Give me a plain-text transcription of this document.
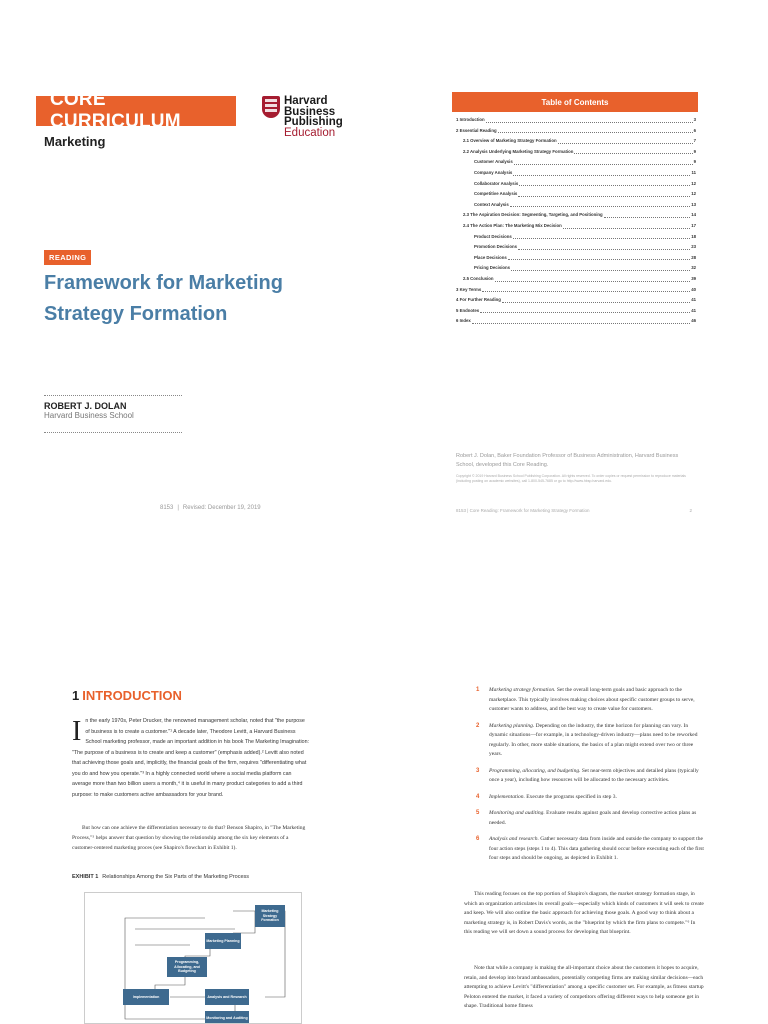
CORE CURRICULUM
Harvard
Business
Publishing
Education
Marketing
READING
Framework for Marketing Strategy Formation
ROBERT J. DOLAN
Harvard Business School
8153 | Revised: December 19, 2019
Table of Contents
1 Introduction	3
2 Essential Reading	6
2.1 Overview of Marketing Strategy Formation	7
2.2 Analysis Underlying Marketing Strategy Formation	9
Customer Analysis	9
Company Analysis	11
Collaborator Analysis	12
Competitive Analysis	12
Context Analysis	13
2.3 The Aspiration Decision: Segmenting, Targeting, and Positioning	14
2.4 The Action Plan: The Marketing Mix Decision	17
Product Decisions	18
Promotion Decisions	23
Place Decisions	28
Pricing Decisions	32
2.5 Conclusion	39
3 Key Terms	40
4 For Further Reading	41
5 Endnotes	41
6 Index	46
Robert J. Dolan, Baker Foundation Professor of Business Administration, Harvard Business School, developed this Core Reading.
Copyright © 2019 Harvard Business School Publishing Corporation. All rights reserved. To order copies or request permission to reproduce materials (including posting on academic websites), call 1-800-545-7685 or go to http://www.hbsp.harvard.edu.
8153 | Core Reading: Framework for Marketing Strategy Formation	2
1 INTRODUCTION
In the early 1970s, Peter Drucker, the renowned management scholar, noted that "the purpose of business is to create a customer."¹ A decade later, Theodore Levitt, a Harvard Business School marketing professor, made an important addition in his book The Marketing Imagination: "The purpose of a business is to create and keep a customer" (emphasis added).² Levitt also noted that achieving those goals and, implicitly, the financial goals of the firm, requires "differentiating what you do and how you operate."³ In a highly connected world where a social media platform can average more than two billion users a month,⁴ it is useful in many product categories to add a third purpose: to make customers active ambassadors for your brand.
But how can one achieve the differentiation necessary to do that? Benson Shapiro, in "The Marketing Process,"⁵ helps answer that question by showing the relationship among the six key elements of a customer-centered marketing proces (see Shapiro's flowchart in Exhibit 1).
EXHIBIT 1 Relationships Among the Six Parts of the Marketing Process
Marketing Strategy Formation
Marketing Planning
Programming, Allocating, and Budgeting
Implementation	Analysis and Research
Monitoring and Auditing
1	Marketing strategy formation. Set the overall long-term goals and basic approach to the marketplace. This typically involves making choices about specific customer groups to serve, customer wants to address, and the best way to create value for customers.
2	Marketing planning. Depending on the industry, the time horizon for planning can vary. In dynamic situations—for example, in a technology-driven industry—plans need to be reworked regularly. In other, more stable situations, the basics of a plan might extend over two or three years.
3	Programming, allocating, and budgeting. Set near-term objectives and detailed plans (typically once a year), including how resources will be allocated to the necessary activities.
4	Implementation. Execute the programs specified in step 3.
5	Monitoring and auditing. Evaluate results against goals and develop corrective action plans as needed.
6	Analysis and research. Gather necessary data from inside and outside the company to support the four action steps (steps 1 to 4). This data gathering should occur before executing each of the first four steps and should be ongoing, as depicted in Exhibit 1.
This reading focuses on the top portion of Shapiro's diagram, the market strategy formation stage, in which an organization articulates its overall goals—especially which kinds of customers it will seek to create and keep. We will also outline the basic approach for achieving those goals. A good way to think about a marketing strategy is, in Robert Davis's words, as the "blueprint by which the firm plans to compete."⁶ In this reading we will set down a sound process for developing that blueprint.
Note that while a company is making the all-important choice about the customers it hopes to acquire, retain, and develop into brand ambassadors, potentially competing firms are making similar decisions—each attempting to achieve Levitt's "differentiation" among a specific customer set. For example, as fitness startup Peloton entered the market, it faced a variety of competitors offering different ways to help someone get in shape. Traditional home fitness
